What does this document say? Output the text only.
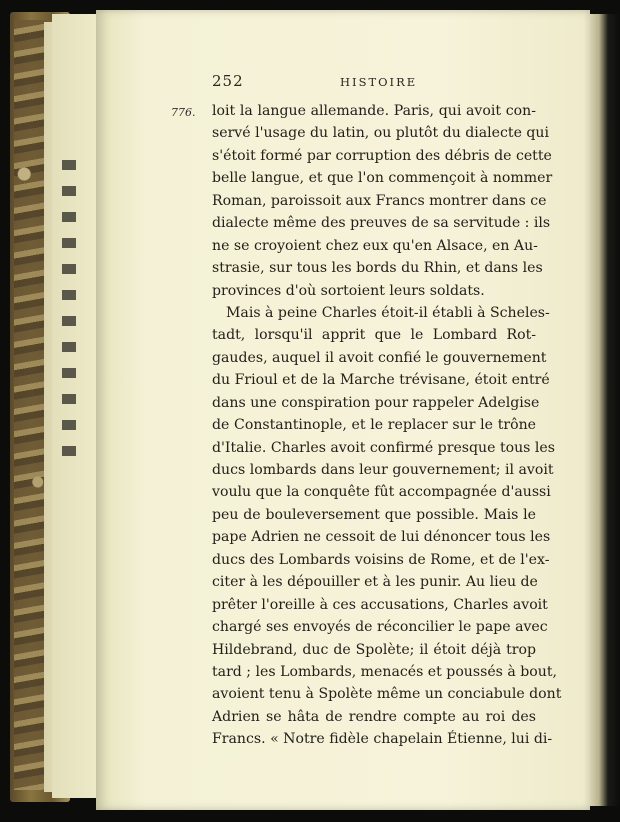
252	HISTOIRE
776. loit la langue allemande. Paris, qui avoit con-
servé l'usage du latin, ou plutôt du dialecte qui
s'étoit formé par corruption des débris de cette
belle langue, et que l'on commençoit à nommer
Roman, paroissoit aux Francs montrer dans ce
dialecte même des preuves de sa servitude : ils
ne se croyoient chez eux qu'en Alsace, en Au-
strasie, sur tous les bords du Rhin, et dans les
provinces d'où sortoient leurs soldats.
Mais à peine Charles étoit-il établi à Scheles-
tadt, lorsqu'il apprit que le Lombard Rot-
gaudes, auquel il avoit confié le gouvernement
du Frioul et de la Marche trévisane, étoit entré
dans une conspiration pour rappeler Adelgise
de Constantinople, et le replacer sur le trône
d'Italie. Charles avoit confirmé presque tous les
ducs lombards dans leur gouvernement; il avoit
voulu que la conquête fût accompagnée d'aussi
peu de bouleversement que possible. Mais le
pape Adrien ne cessoit de lui dénoncer tous les
ducs des Lombards voisins de Rome, et de l'ex-
citer à les dépouiller et à les punir. Au lieu de
prêter l'oreille à ces accusations, Charles avoit
chargé ses envoyés de réconcilier le pape avec
Hildebrand, duc de Spolète; il étoit déjà trop
tard ; les Lombards, menacés et poussés à bout,
avoient tenu à Spolète même un conciabule dont
Adrien se hâta de rendre compte au roi des
Francs. « Notre fidèle chapelain Étienne, lui di-
